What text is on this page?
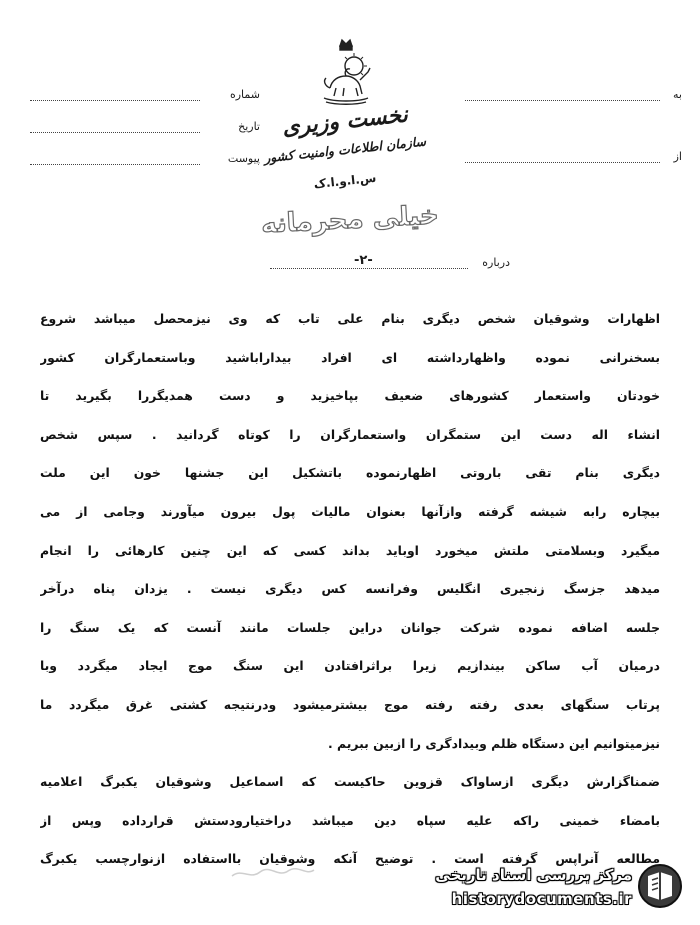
شماره
تاریخ
پیوست
به
از
نخست وزیری
سازمان اطلاعات وامنیت کشور
س.ا.و.ا.ک
خیلی محرمانه
-۲-	درباره
اظهارات وشوقیان شخص دیگری بنام علی تاب که وی نیزمحصل میباشد شروع
بسخنرانی نموده واظهارداشته ای افراد بیداراباشید وباستعمارگران کشور
خودتان واستعمار کشورهای ضعیف بپاخیزید و دست همدیگررا بگیرید تا
انشاء اله دست این ستمگران واستعمارگران را کوتاه گردانید . سپس شخص
دیگری بنام تقی باروتی اظهارنموده باتشکیل این جشنها خون این ملت
بیچاره رابه شیشه گرفته وازآنها بعنوان مالیات پول بیرون میآورند وجامی از می
میگیرد وبسلامتی ملتش میخورد اوباید بداند کسی که این چنین کارهائی را انجام
میدهد جزسگ زنجیری انگلیس وفرانسه کس دیگری نیست . یزدان پناه درآخر
جلسه اضافه نموده شرکت جوانان دراین جلسات مانند آنست که یک سنگ را
درمیان آب ساکن بیندازیم زیرا براثرافتادن این سنگ موج ایجاد میگردد وبا
پرتاب سنگهای بعدی رفته رفته موج بیشترمیشود ودرنتیجه کشتی غرق میگردد ما
نیزمیتوانیم این دستگاه ظلم وبیدادگری را ازبین ببریم .
ضمناگزارش دیگری ازساواک قزوین حاکیست که اسماعیل وشوقیان یکبرگ اعلامیه
بامضاء خمینی راکه علیه سپاه دین میباشد دراختیارودستش قرارداده وپس از
مطالعه آنراپس گرفته است . توضیح آنکه وشوقیان بااستفاده ازنوارچسب یکبرگ
مرکز بررسی اسناد تاریخی
historydocuments.ir
